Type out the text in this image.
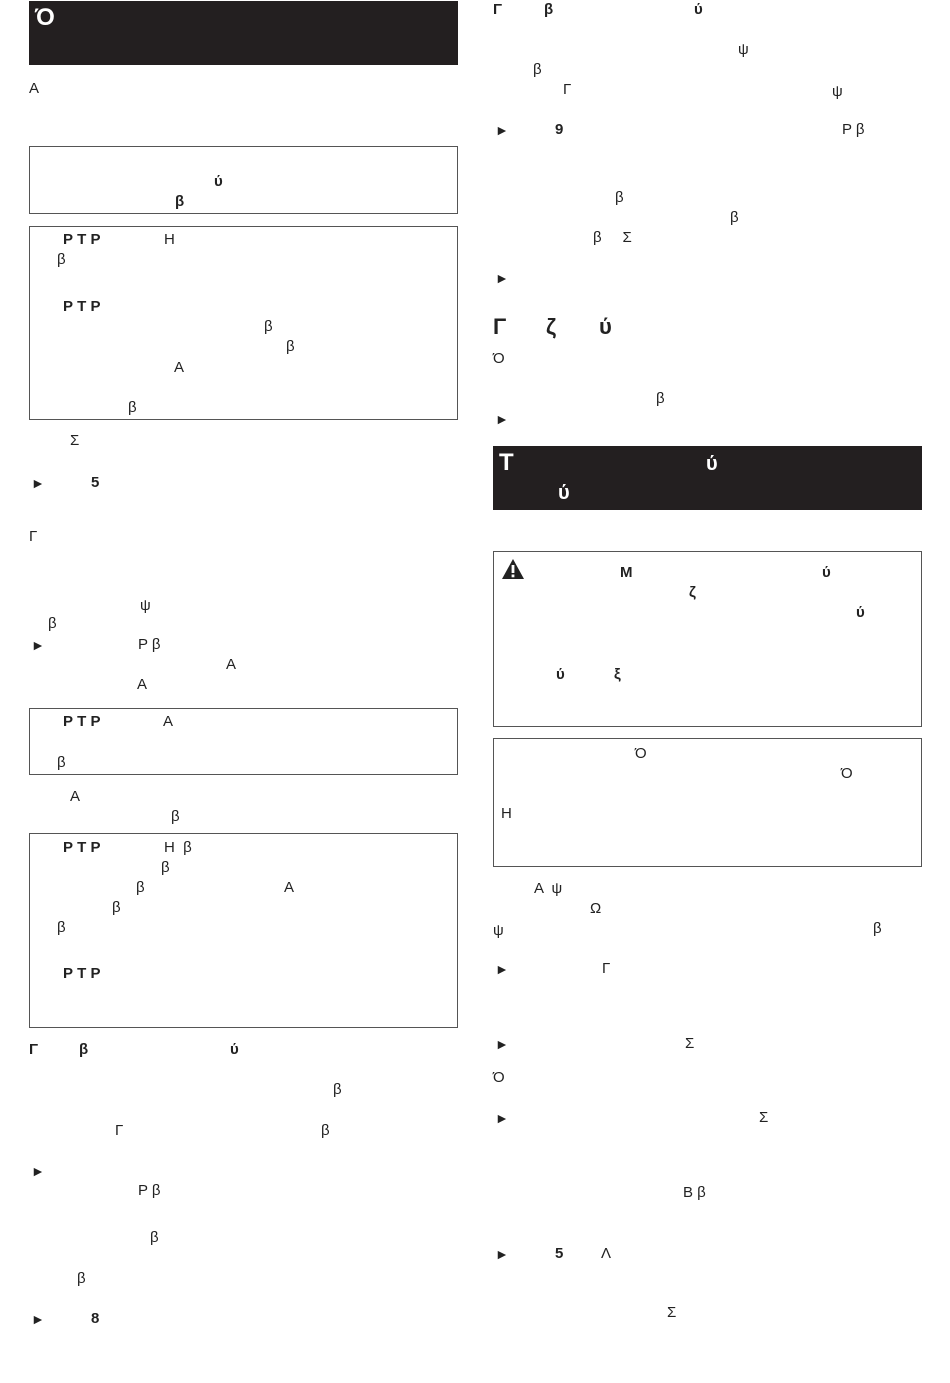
Ό
Α
ύ
β
Ρ Τ Ρ	Η
β
Ρ Τ Ρ
β
β
Α
β
Σ
►	5
Γ
ψ
β
►	Ρ β
Α
Α
Ρ Τ Ρ	Α
β
Α
β
Ρ Τ Ρ	Η  β
β
β	Α
β
β
Ρ Τ Ρ
Γ	β	ύ
β
Γ	β
►
Ρ β
β
β
►	8
Γ	β	ύ
ψ
β
Γ	ψ
►	9	Ρ β
β
β
β     Σ
►
Γ ζ ύ
Ό
β
►
Τ	ύ
ύ
Μ	ύ
ζ
ύ
ύ	ξ
Ό
Ό
Η
Α  ψ
Ω
ψ	β
►	Γ
►	Σ
Ό
►	Σ
Β β
►	5	Λ
Σ
